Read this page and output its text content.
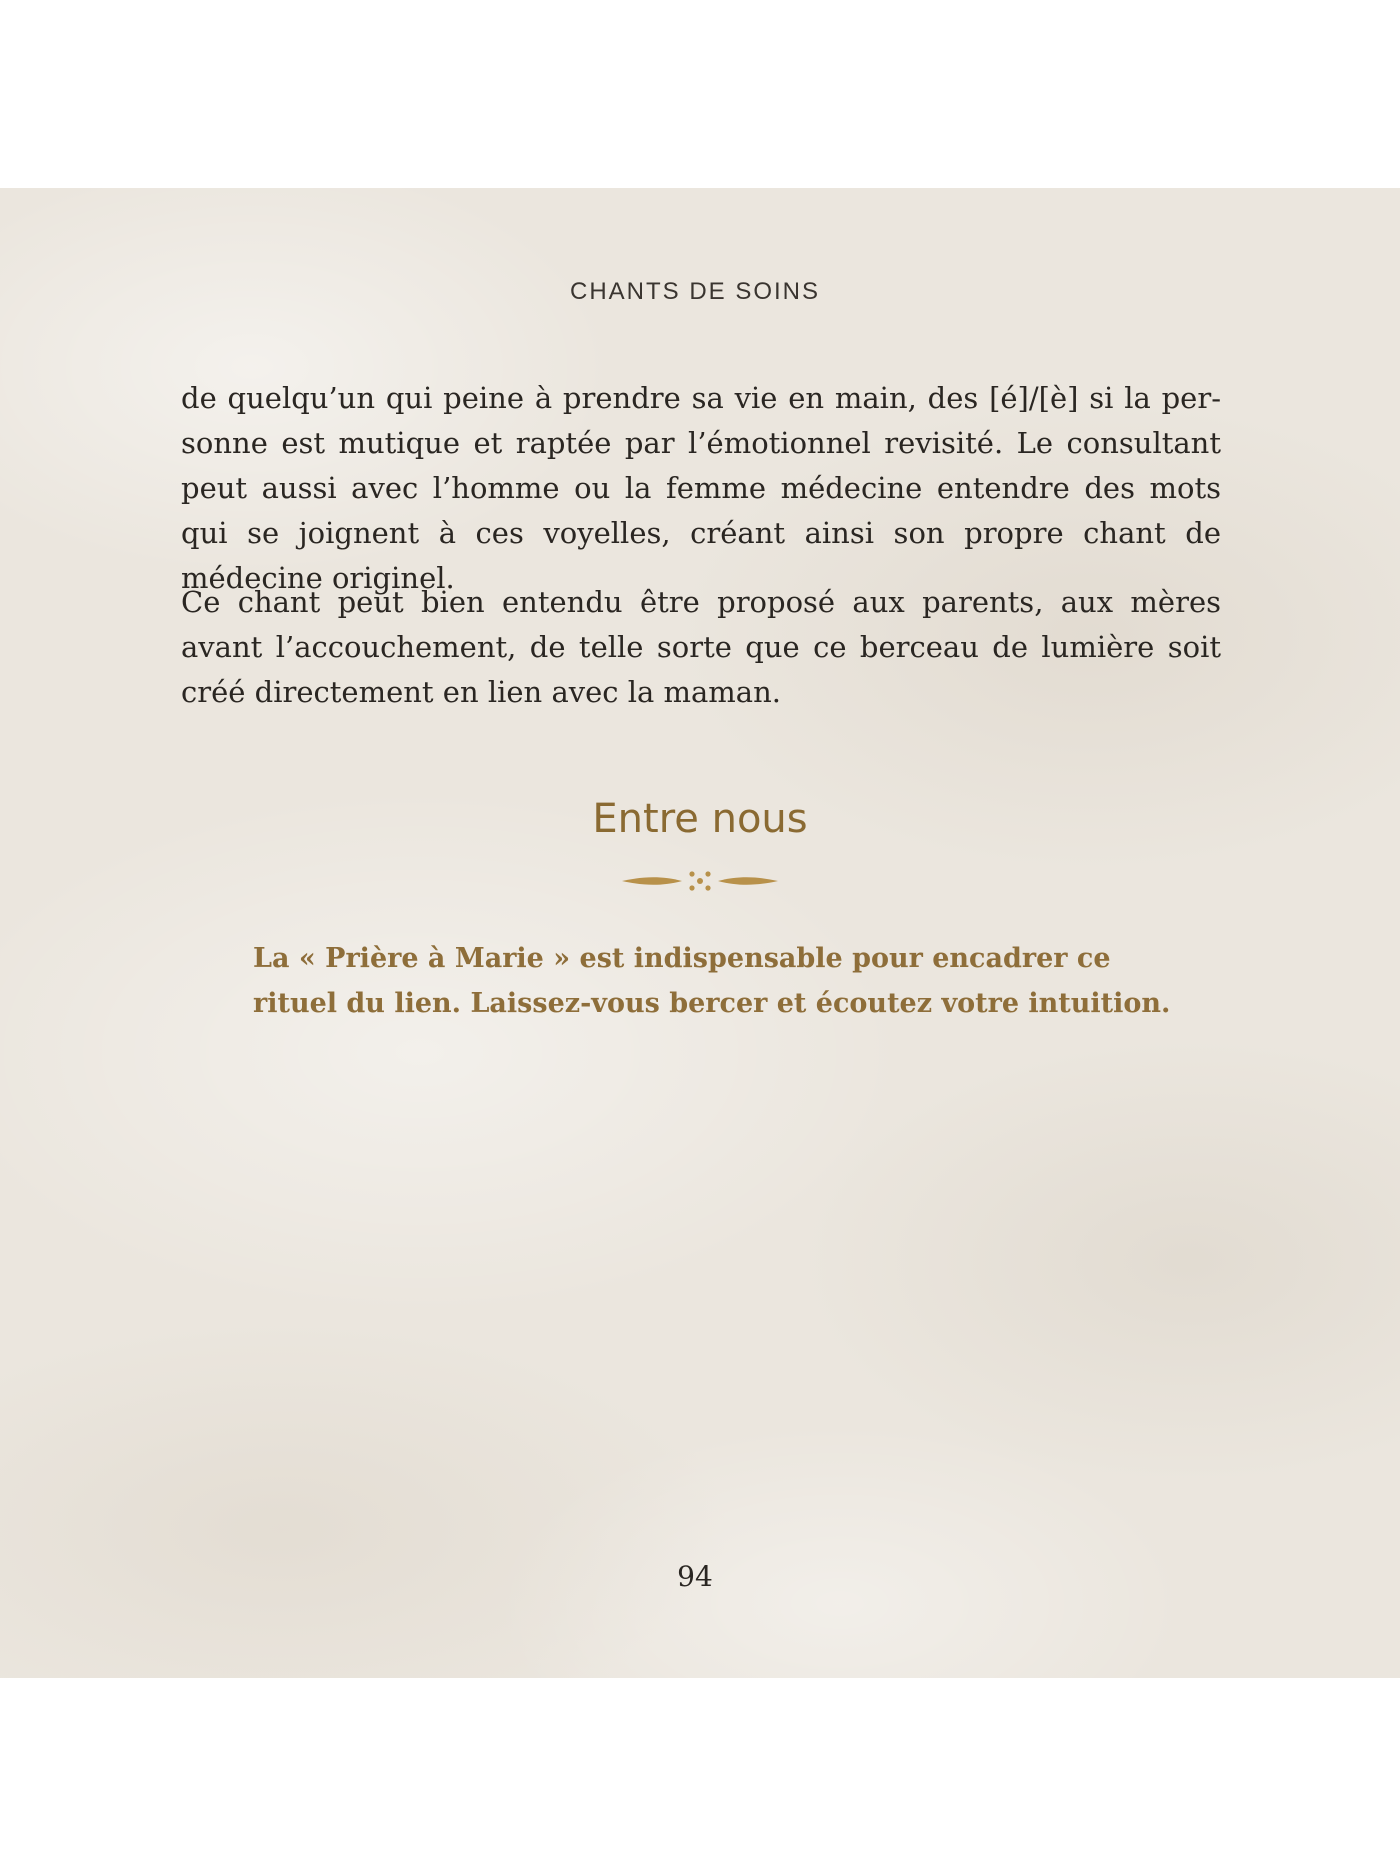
CHANTS DE SOINS

de quelqu’un qui peine à prendre sa vie en main, des [é]/[è] si la personne est mutique et raptée par l’émotionnel revisité. Le consultant peut aussi avec l’homme ou la femme médecine entendre des mots qui se joignent à ces voyelles, créant ainsi son propre chant de médecine originel.

Ce chant peut bien entendu être proposé aux parents, aux mères avant l’accouchement, de telle sorte que ce berceau de lumière soit créé directement en lien avec la maman.

Entre nous

La « Prière à Marie » est indispensable pour encadrer ce rituel du lien. Laissez-vous bercer et écoutez votre intuition.

94
